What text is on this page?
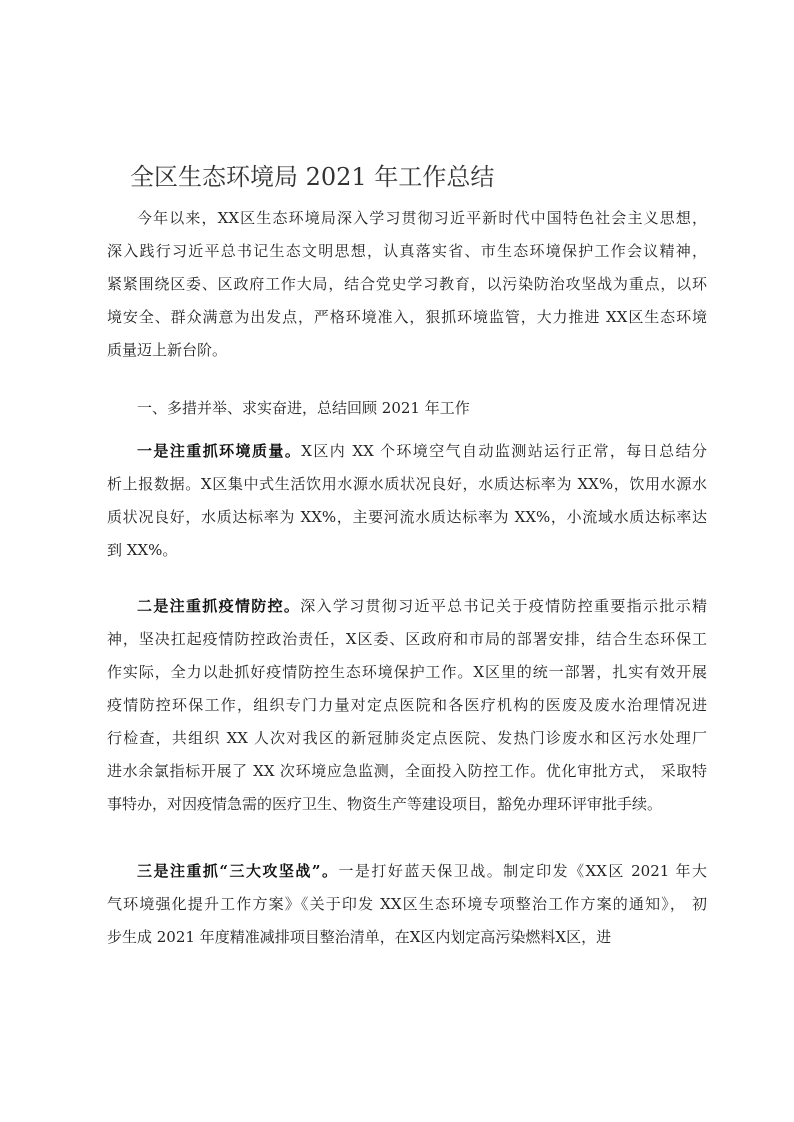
全区生态环境局 2021 年工作总结
今年以来，XX区生态环境局深入学习贯彻习近平新时代中国特色社会主义思想，
深入践行习近平总书记生态文明思想，认真落实省、市生态环境保护工作会议精神，
紧紧围绕区委、区政府工作大局，结合党史学习教育，以污染防治攻坚战为重点，以环
境安全、群众满意为出发点，严格环境准入，狠抓环境监管，大力推进 XX区生态环境
质量迈上新台阶。
一、多措并举、求实奋进，总结回顾 2021 年工作
一是注重抓环境质量。X区内 XX 个环境空气自动监测站运行正常，每日总结分
析上报数据。X区集中式生活饮用水源水质状况良好，水质达标率为 XX%，饮用水源水
质状况良好，水质达标率为 XX%，主要河流水质达标率为 XX%，小流域水质达标率达
到 XX%。
二是注重抓疫情防控。深入学习贯彻习近平总书记关于疫情防控重要指示批示精
神，坚决扛起疫情防控政治责任，X区委、区政府和市局的部署安排，结合生态环保工
作实际，全力以赴抓好疫情防控生态环境保护工作。X区里的统一部署，扎实有效开展
疫情防控环保工作，组织专门力量对定点医院和各医疗机构的医废及废水治理情况进
行检查，共组织 XX 人次对我区的新冠肺炎定点医院、发热门诊废水和区污水处理厂
进水余氯指标开展了 XX 次环境应急监测，全面投入防控工作。优化审批方式， 采取特
事特办，对因疫情急需的医疗卫生、物资生产等建设项目，豁免办理环评审批手续。
三是注重抓“三大攻坚战”。一是打好蓝天保卫战。制定印发《XX区 2021 年大
气环境强化提升工作方案》《关于印发 XX区生态环境专项整治工作方案的通知》， 初
步生成 2021 年度精准减排项目整治清单，在X区内划定高污染燃料X区，进
